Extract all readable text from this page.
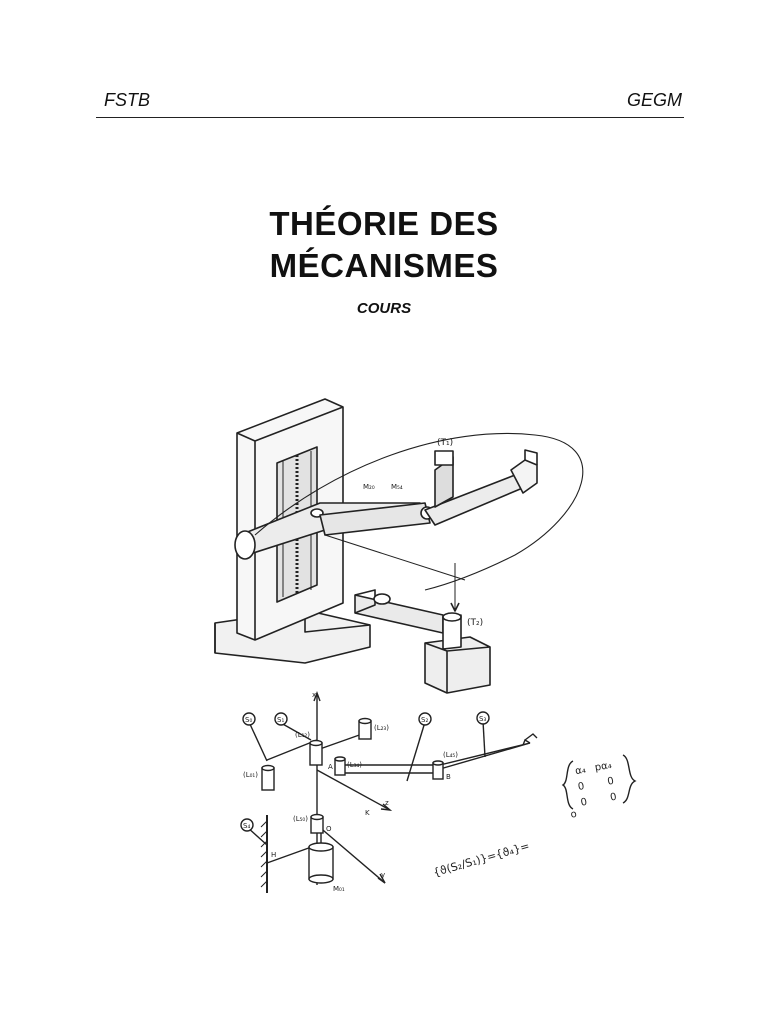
FSTB	GEGM
THÉORIE DES
MÉCANISMES
COURS
(T₁)
(T₂)
M₂₀ M₅₄
S₀	S₁	S₂	S₃
S₄
(L₀₁)
(L₁₂)
(L₂₃)
(L₃₄)
(L₄₅)
(L₅₀)
x
y
z
A
B
O
H
K
M₀₁
{ϑ(S₂/S₁)}={ϑ₄}=
α₄ pα₄
0 0
0 0
o
